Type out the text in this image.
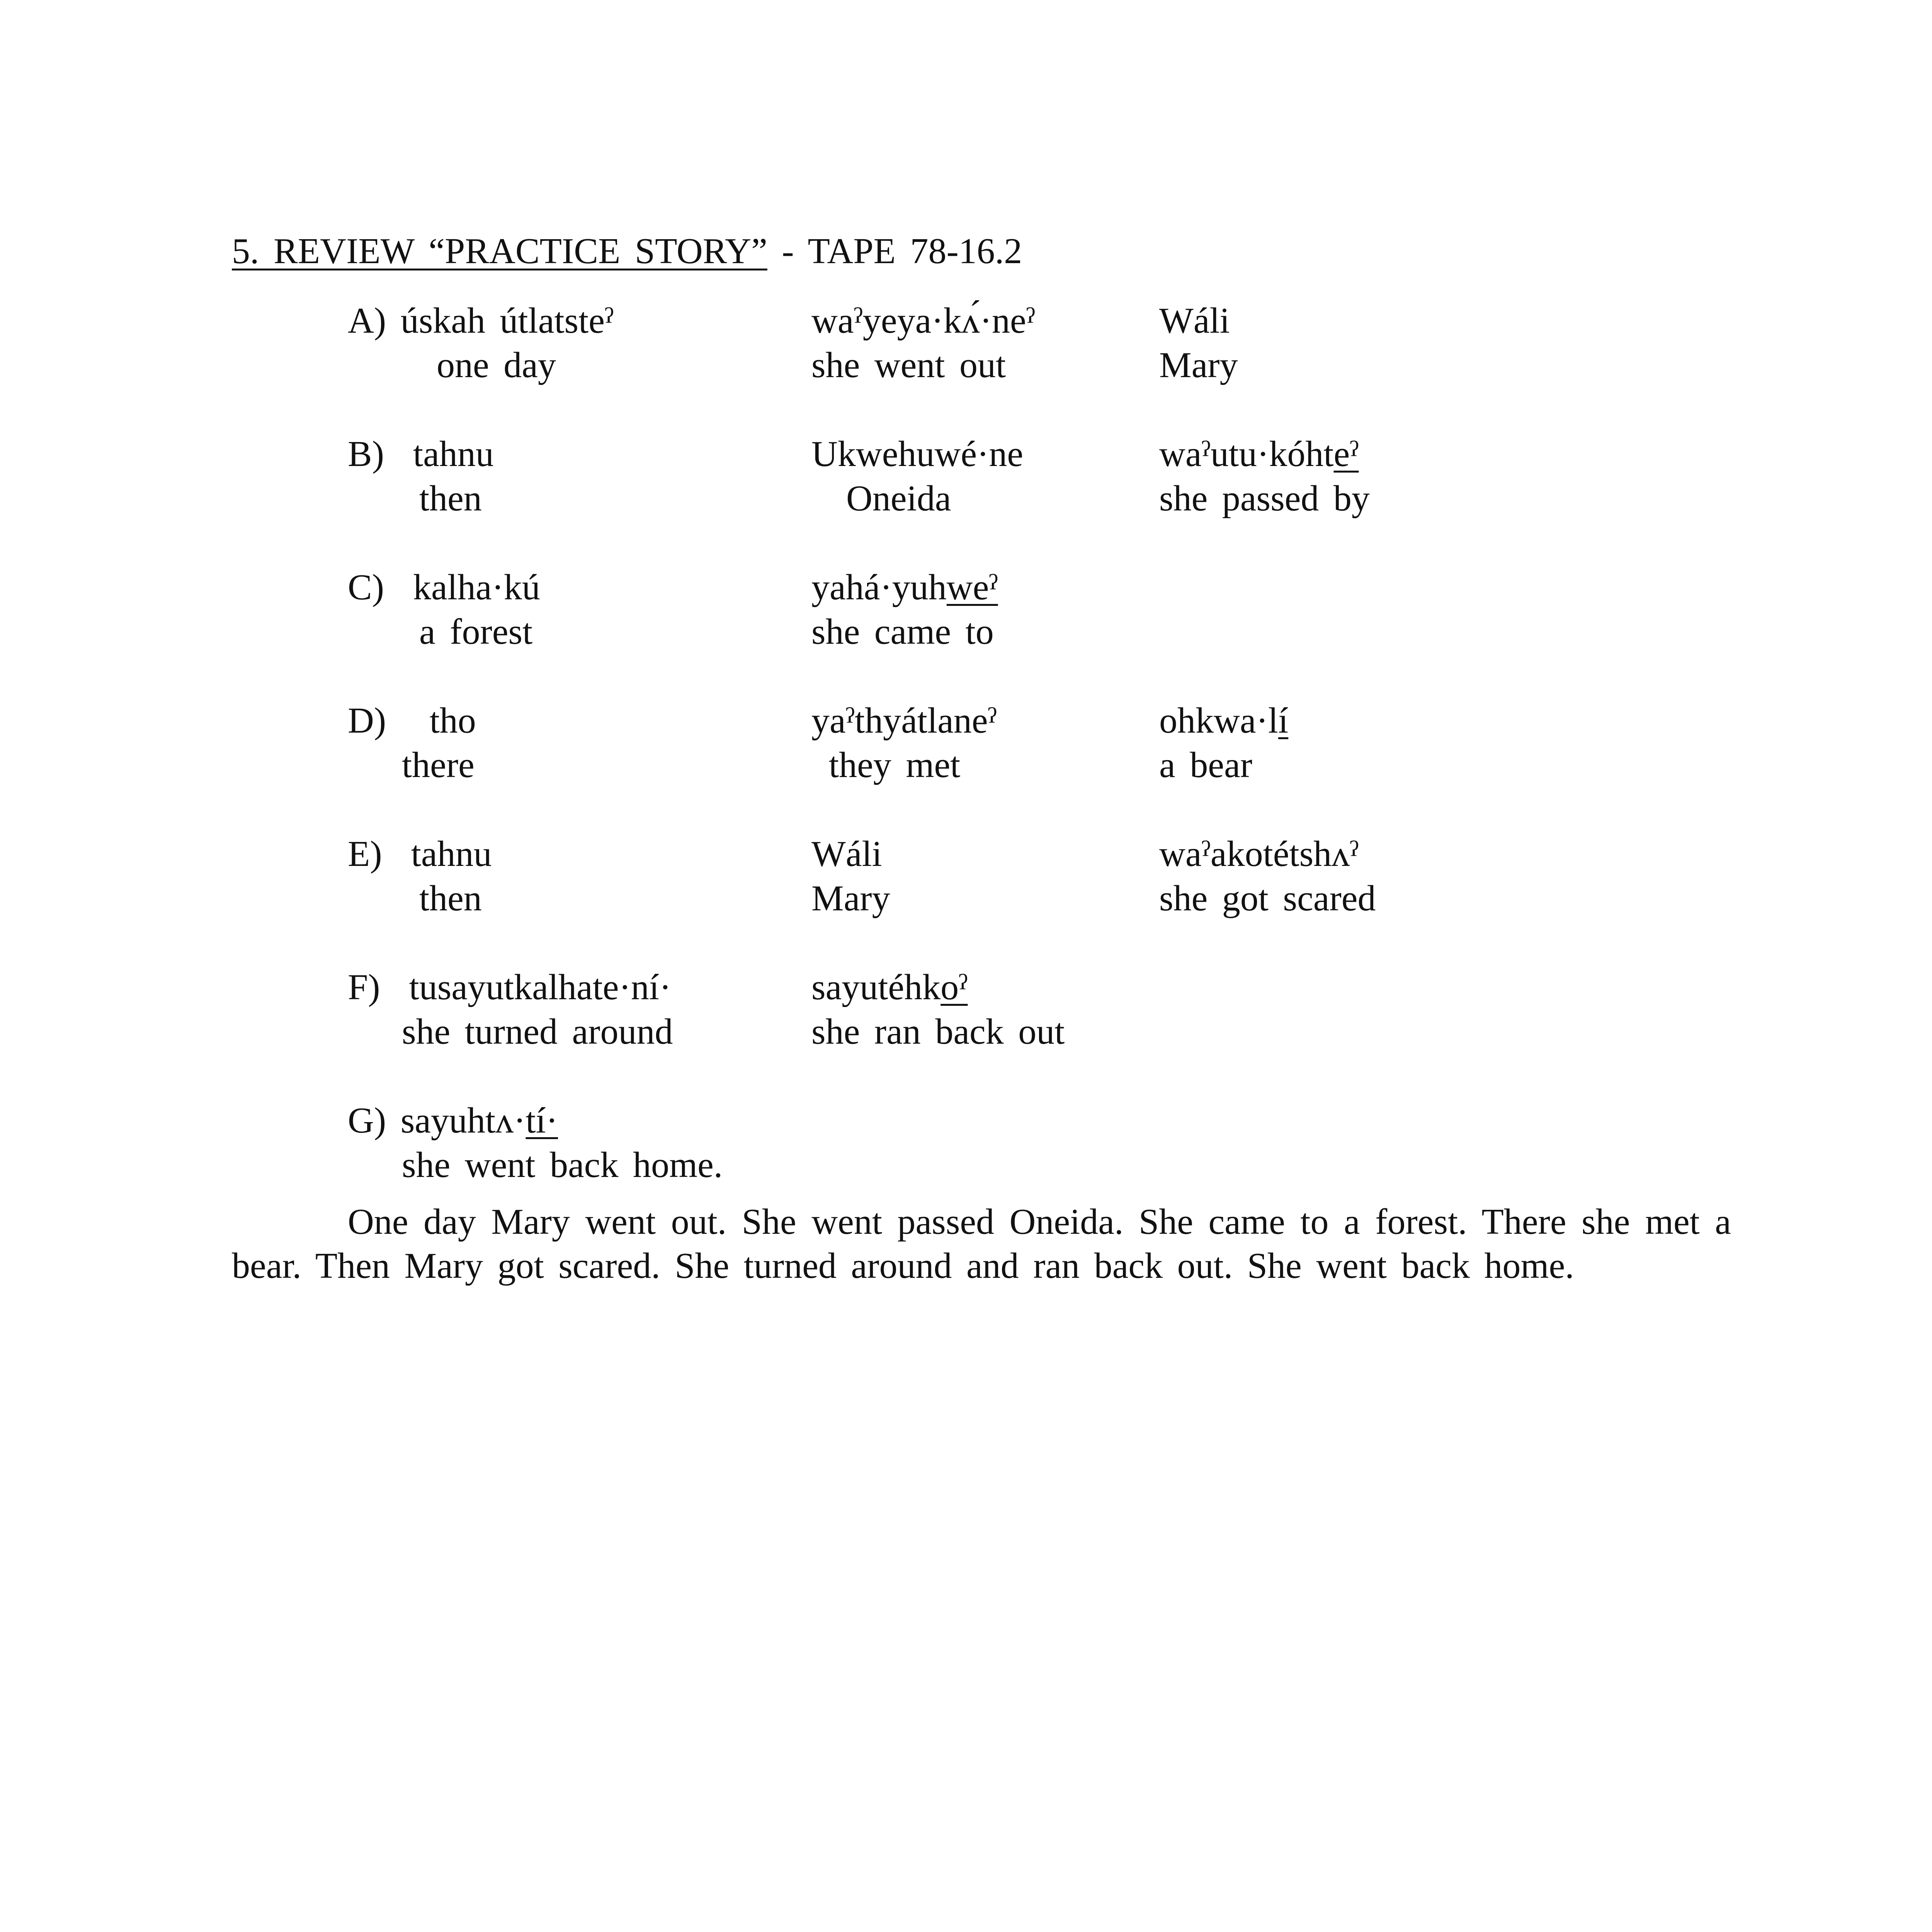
5. REVIEW “PRACTICE STORY” - TAPE 78-16.2
A) úskah útlatsteˀ
one day
waˀyeya·kʌ́·neˀ
she went out
Wáli
Mary
B) tahnu
then
Ukwehuwé·ne
Oneida
waˀutu·kóhteˀ
she passed by
C) kalha·kú
a forest
yahá·yuhweˀ
she came to
D) tho
there
yaˀthyátlaneˀ
they met
ohkwa·lí
a bear
E) tahnu
then
Wáli
Mary
waˀakotétshʌˀ
she got scared
F) tusayutkalhate·ní·
she turned around
sayutéhkoˀ
she ran back out
G) sayuhtʌ·tí·
she went back home.
One day Mary went out. She went passed Oneida. She came to a forest. There she met a bear. Then Mary got scared. She turned around and ran back out. She went back home.
